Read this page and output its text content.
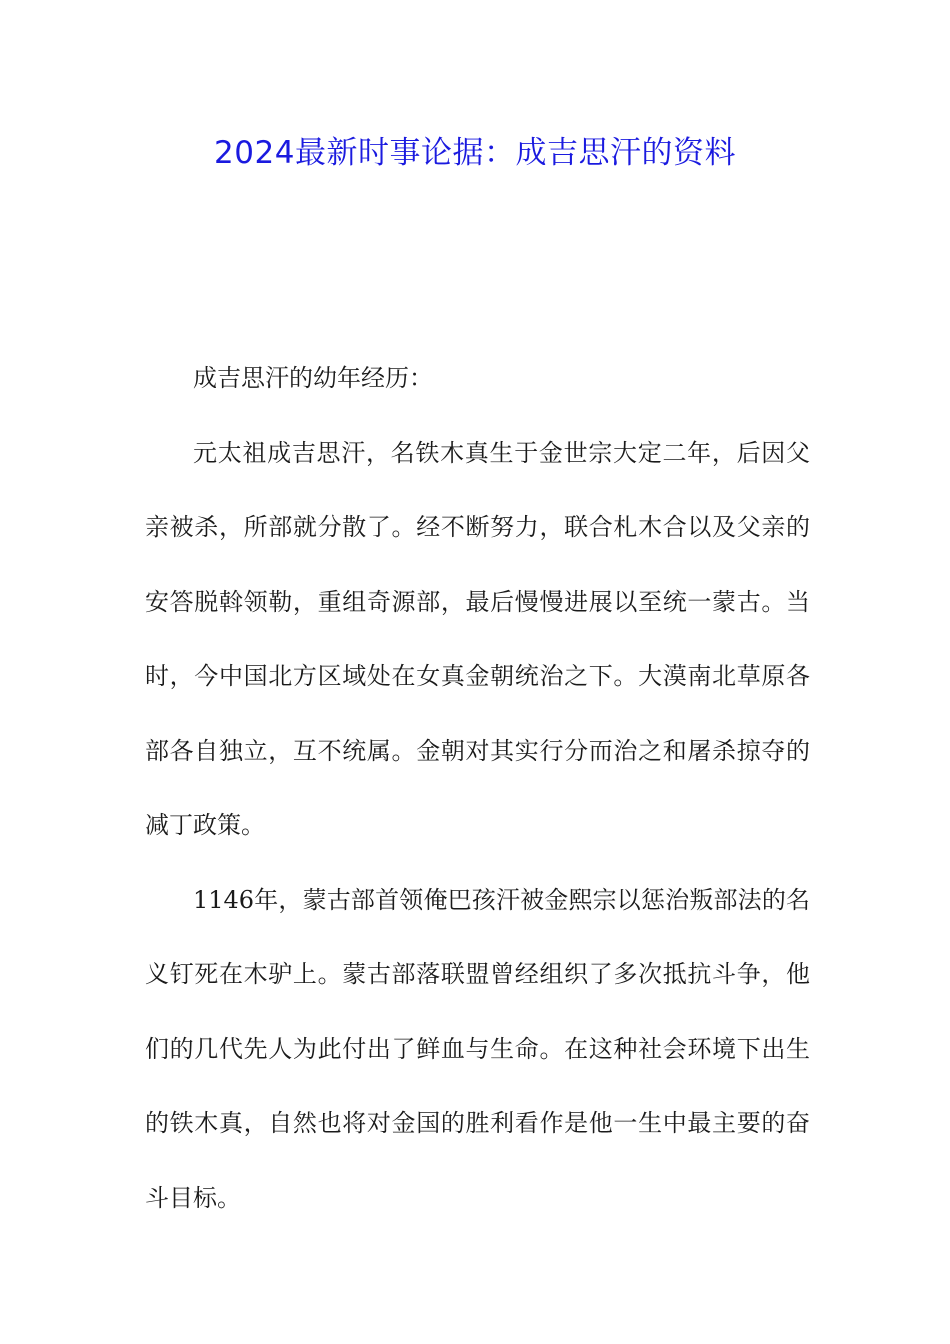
2024最新时事论据：成吉思汗的资料

成吉思汗的幼年经历：

元太祖成吉思汗，名铁木真生于金世宗大定二年，后因父亲被杀，所部就分散了。经不断努力，联合札木合以及父亲的安答脱斡领勒，重组奇源部，最后慢慢进展以至统一蒙古。当时，今中国北方区域处在女真金朝统治之下。大漠南北草原各部各自独立，互不统属。金朝对其实行分而治之和屠杀掠夺的减丁政策。

1146年，蒙古部首领俺巴孩汗被金熙宗以惩治叛部法的名义钉死在木驴上。蒙古部落联盟曾经组织了多次抵抗斗争，他们的几代先人为此付出了鲜血与生命。在这种社会环境下出生的铁木真，自然也将对金国的胜利看作是他一生中最主要的奋斗目标。
